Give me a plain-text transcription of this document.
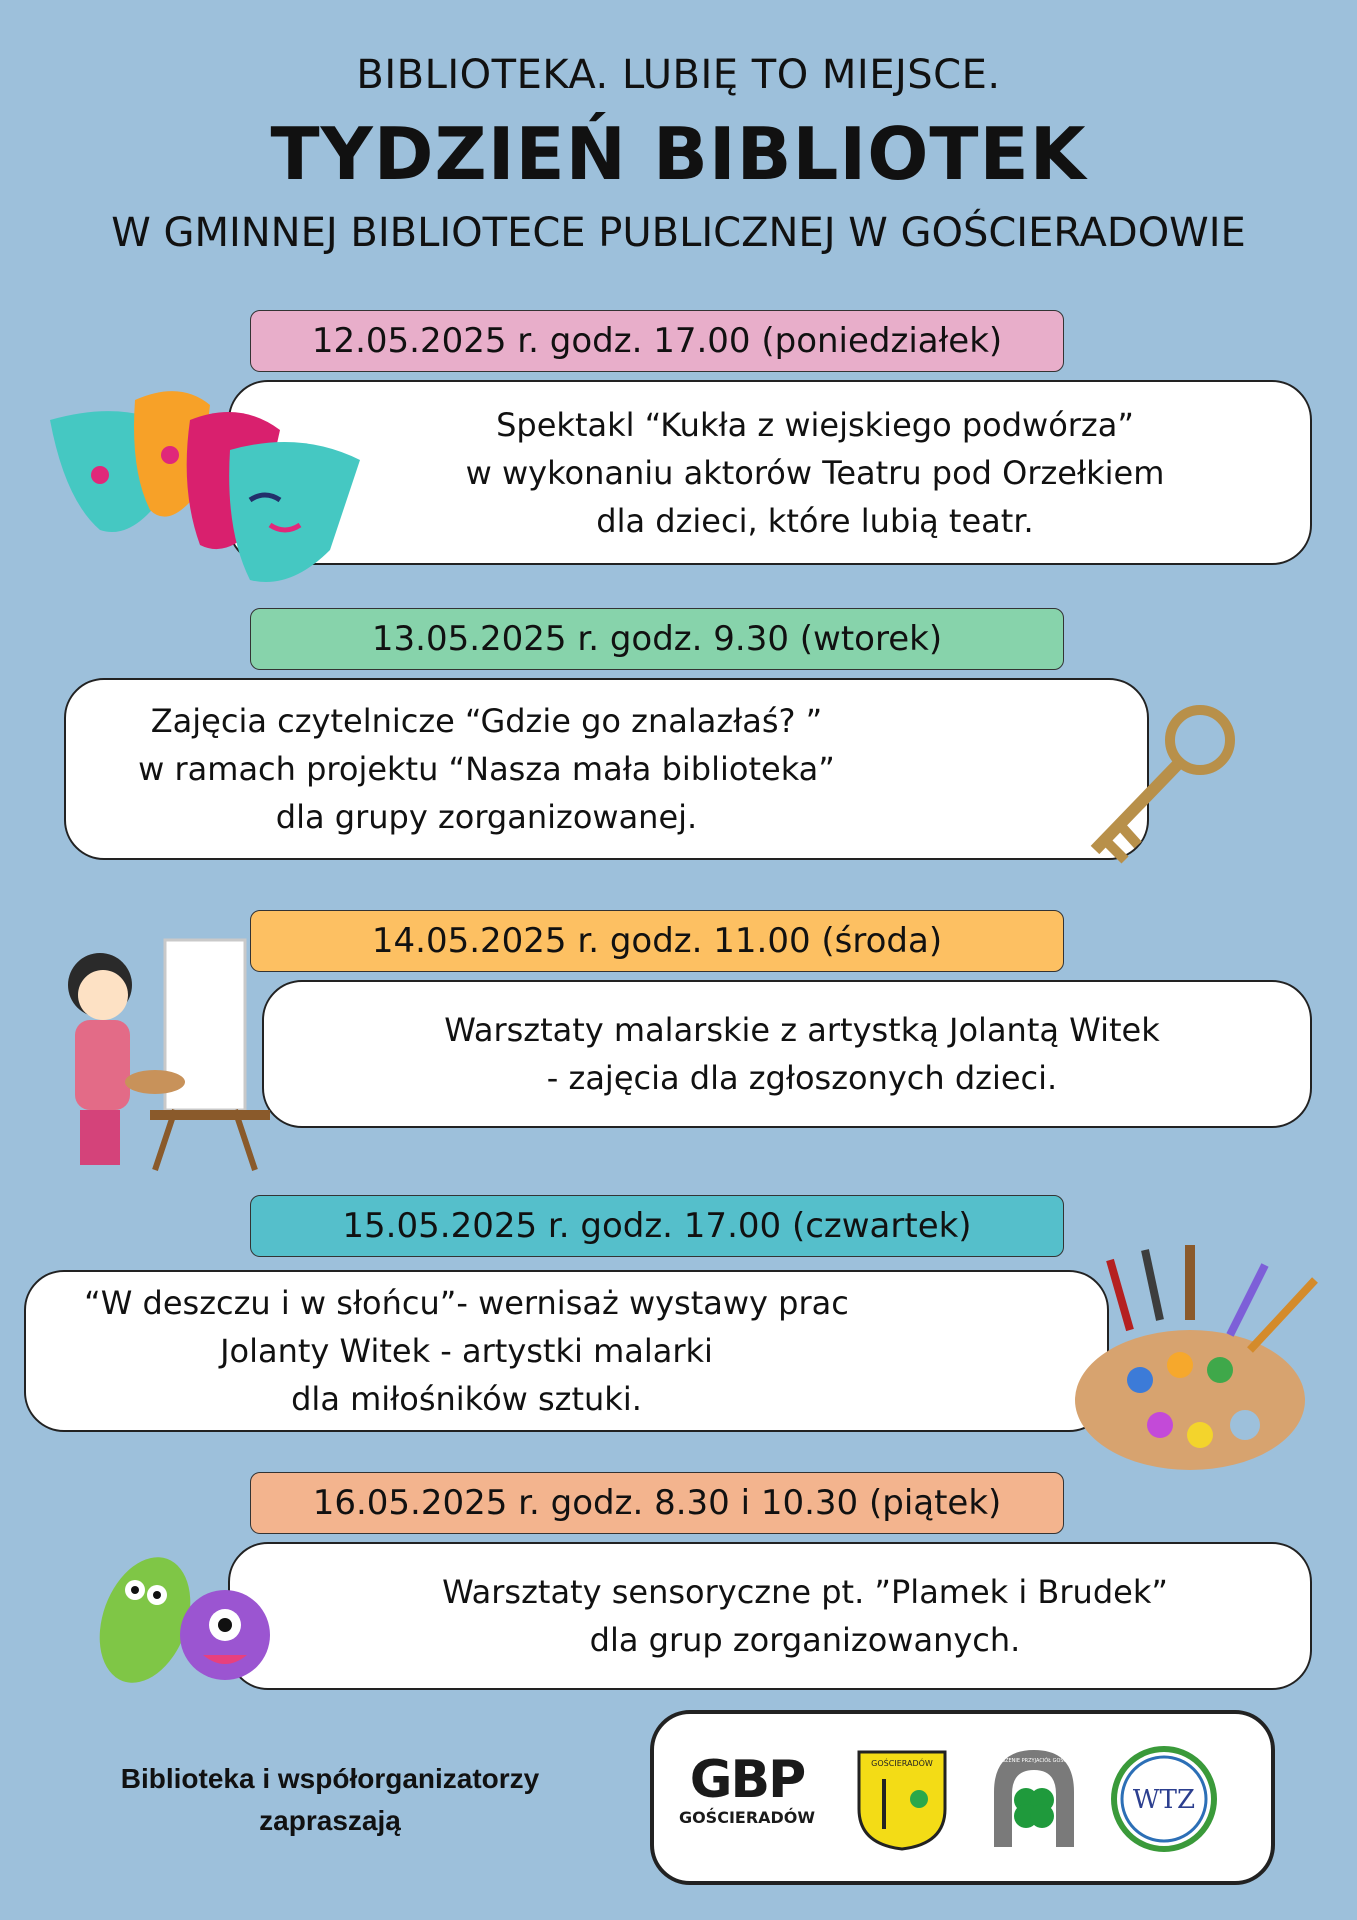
BIBLIOTEKA. LUBIĘ TO MIEJSCE.
TYDZIEŃ BIBLIOTEK
W GMINNEJ BIBLIOTECE PUBLICZNEJ W GOŚCIERADOWIE
12.05.2025 r. godz. 17.00 (poniedziałek)
Spektakl “Kukła z wiejskiego podwórza”
w wykonaniu aktorów Teatru pod Orzełkiem
dla dzieci, które lubią teatr.
13.05.2025 r. godz. 9.30 (wtorek)
Zajęcia czytelnicze “Gdzie go znalazłaś? ”
w ramach projektu “Nasza mała biblioteka”
dla grupy zorganizowanej.
14.05.2025 r. godz. 11.00 (środa)
Warsztaty malarskie z artystką Jolantą Witek
- zajęcia dla zgłoszonych dzieci.
15.05.2025 r. godz. 17.00 (czwartek)
“W deszczu i w słońcu”- wernisaż wystawy prac
Jolanty Witek - artystki malarki
dla miłośników sztuki.
16.05.2025 r. godz. 8.30 i 10.30 (piątek)
Warsztaty sensoryczne pt. ”Plamek i Brudek”
dla grup zorganizowanych.
Biblioteka i współorganizatorzy
zapraszają
GBP
GOŚCIERADÓW
GOŚCIERADÓW	STOWARZYSZENIE PRZYJACIÓŁ GOŚCIERADOWA
WTZ
